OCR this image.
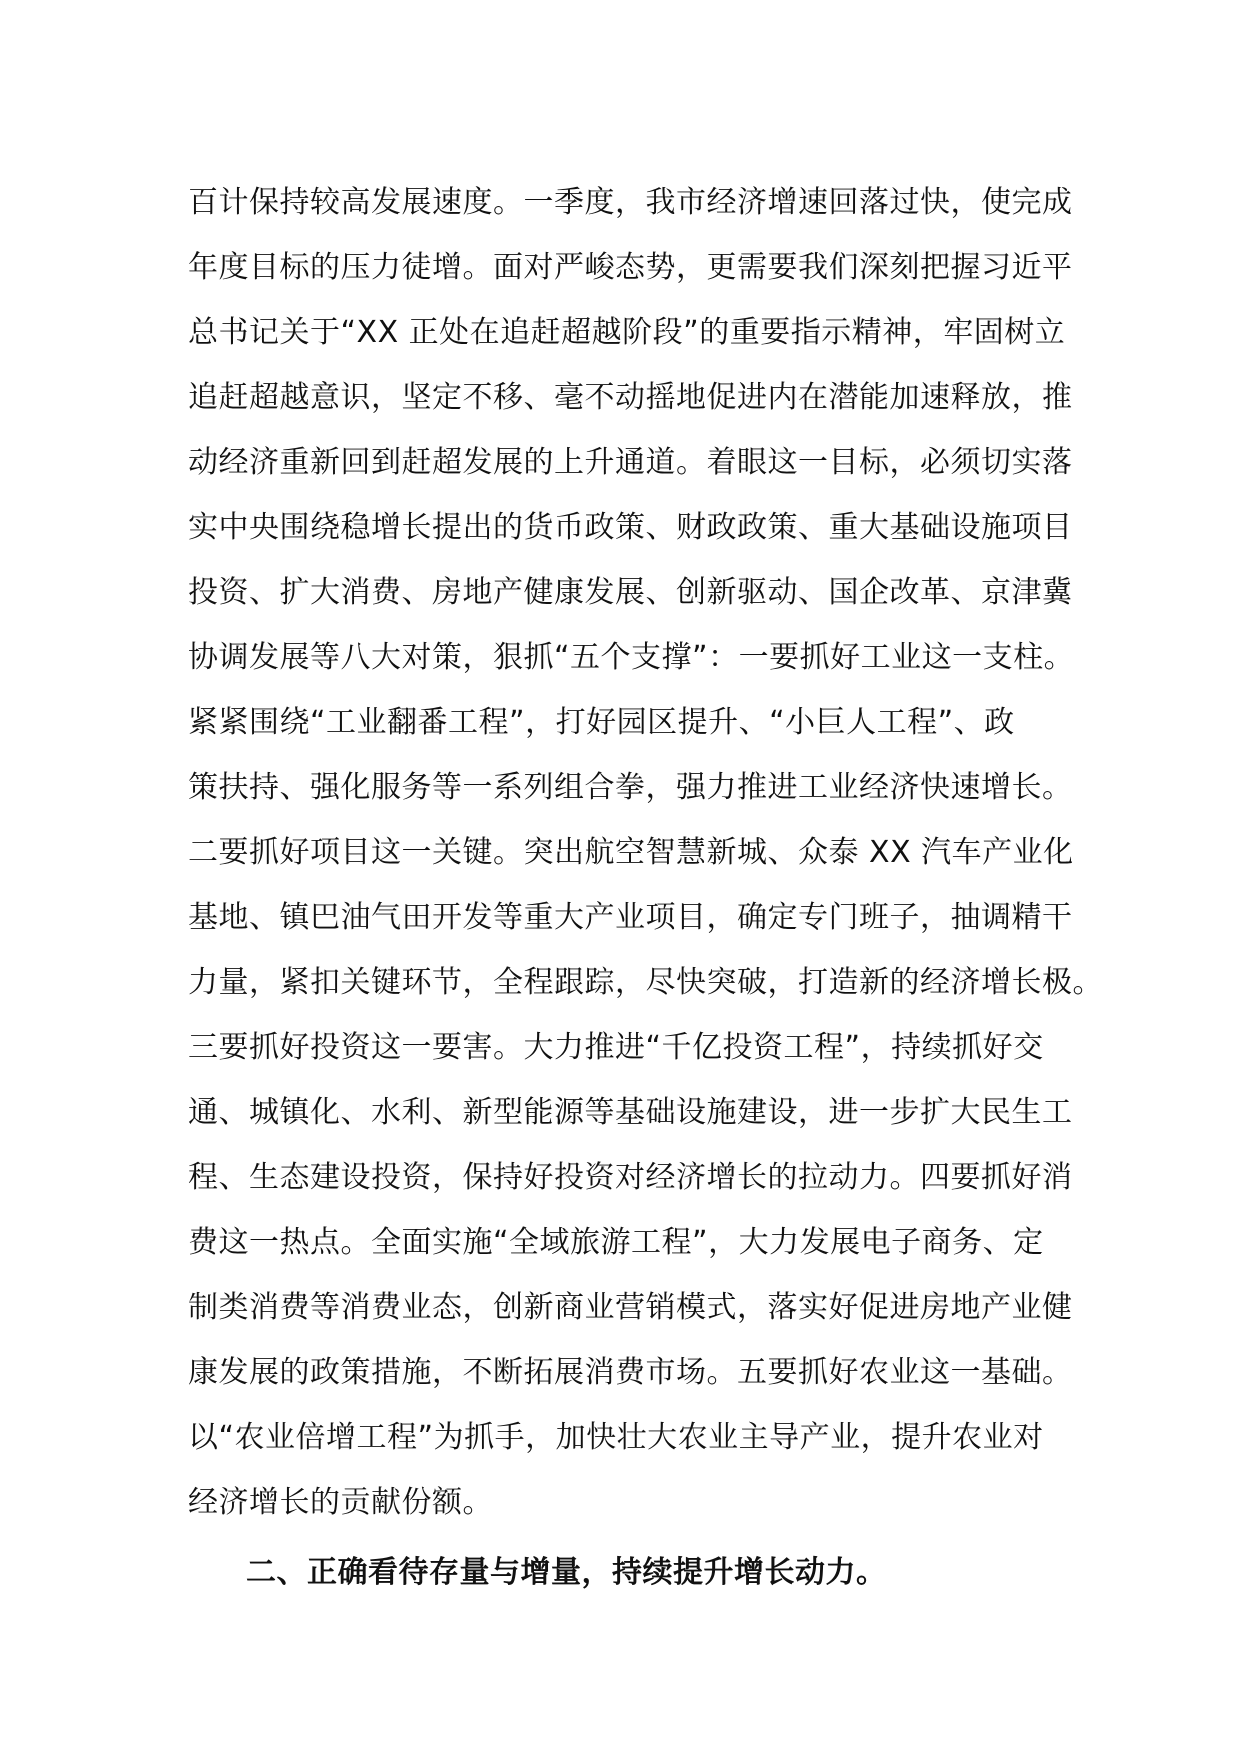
百计保持较高发展速度。一季度，我市经济增速回落过快，使完成
年度目标的压力徒增。面对严峻态势，更需要我们深刻把握习近平
总书记关于“XX 正处在追赶超越阶段”的重要指示精神，牢固树立
追赶超越意识，坚定不移、毫不动摇地促进内在潜能加速释放，推
动经济重新回到赶超发展的上升通道。着眼这一目标，必须切实落
实中央围绕稳增长提出的货币政策、财政政策、重大基础设施项目
投资、扩大消费、房地产健康发展、创新驱动、国企改革、京津冀
协调发展等八大对策，狠抓“五个支撑”：一要抓好工业这一支柱。
紧紧围绕“工业翻番工程”，打好园区提升、“小巨人工程”、政
策扶持、强化服务等一系列组合拳，强力推进工业经济快速增长。
二要抓好项目这一关键。突出航空智慧新城、众泰 XX 汽车产业化
基地、镇巴油气田开发等重大产业项目，确定专门班子，抽调精干
力量，紧扣关键环节，全程跟踪，尽快突破，打造新的经济增长极。
三要抓好投资这一要害。大力推进“千亿投资工程”，持续抓好交
通、城镇化、水利、新型能源等基础设施建设，进一步扩大民生工
程、生态建设投资，保持好投资对经济增长的拉动力。四要抓好消
费这一热点。全面实施“全域旅游工程”，大力发展电子商务、定
制类消费等消费业态，创新商业营销模式，落实好促进房地产业健
康发展的政策措施，不断拓展消费市场。五要抓好农业这一基础。
以“农业倍增工程”为抓手，加快壮大农业主导产业，提升农业对
经济增长的贡献份额。
二、正确看待存量与增量，持续提升增长动力。
